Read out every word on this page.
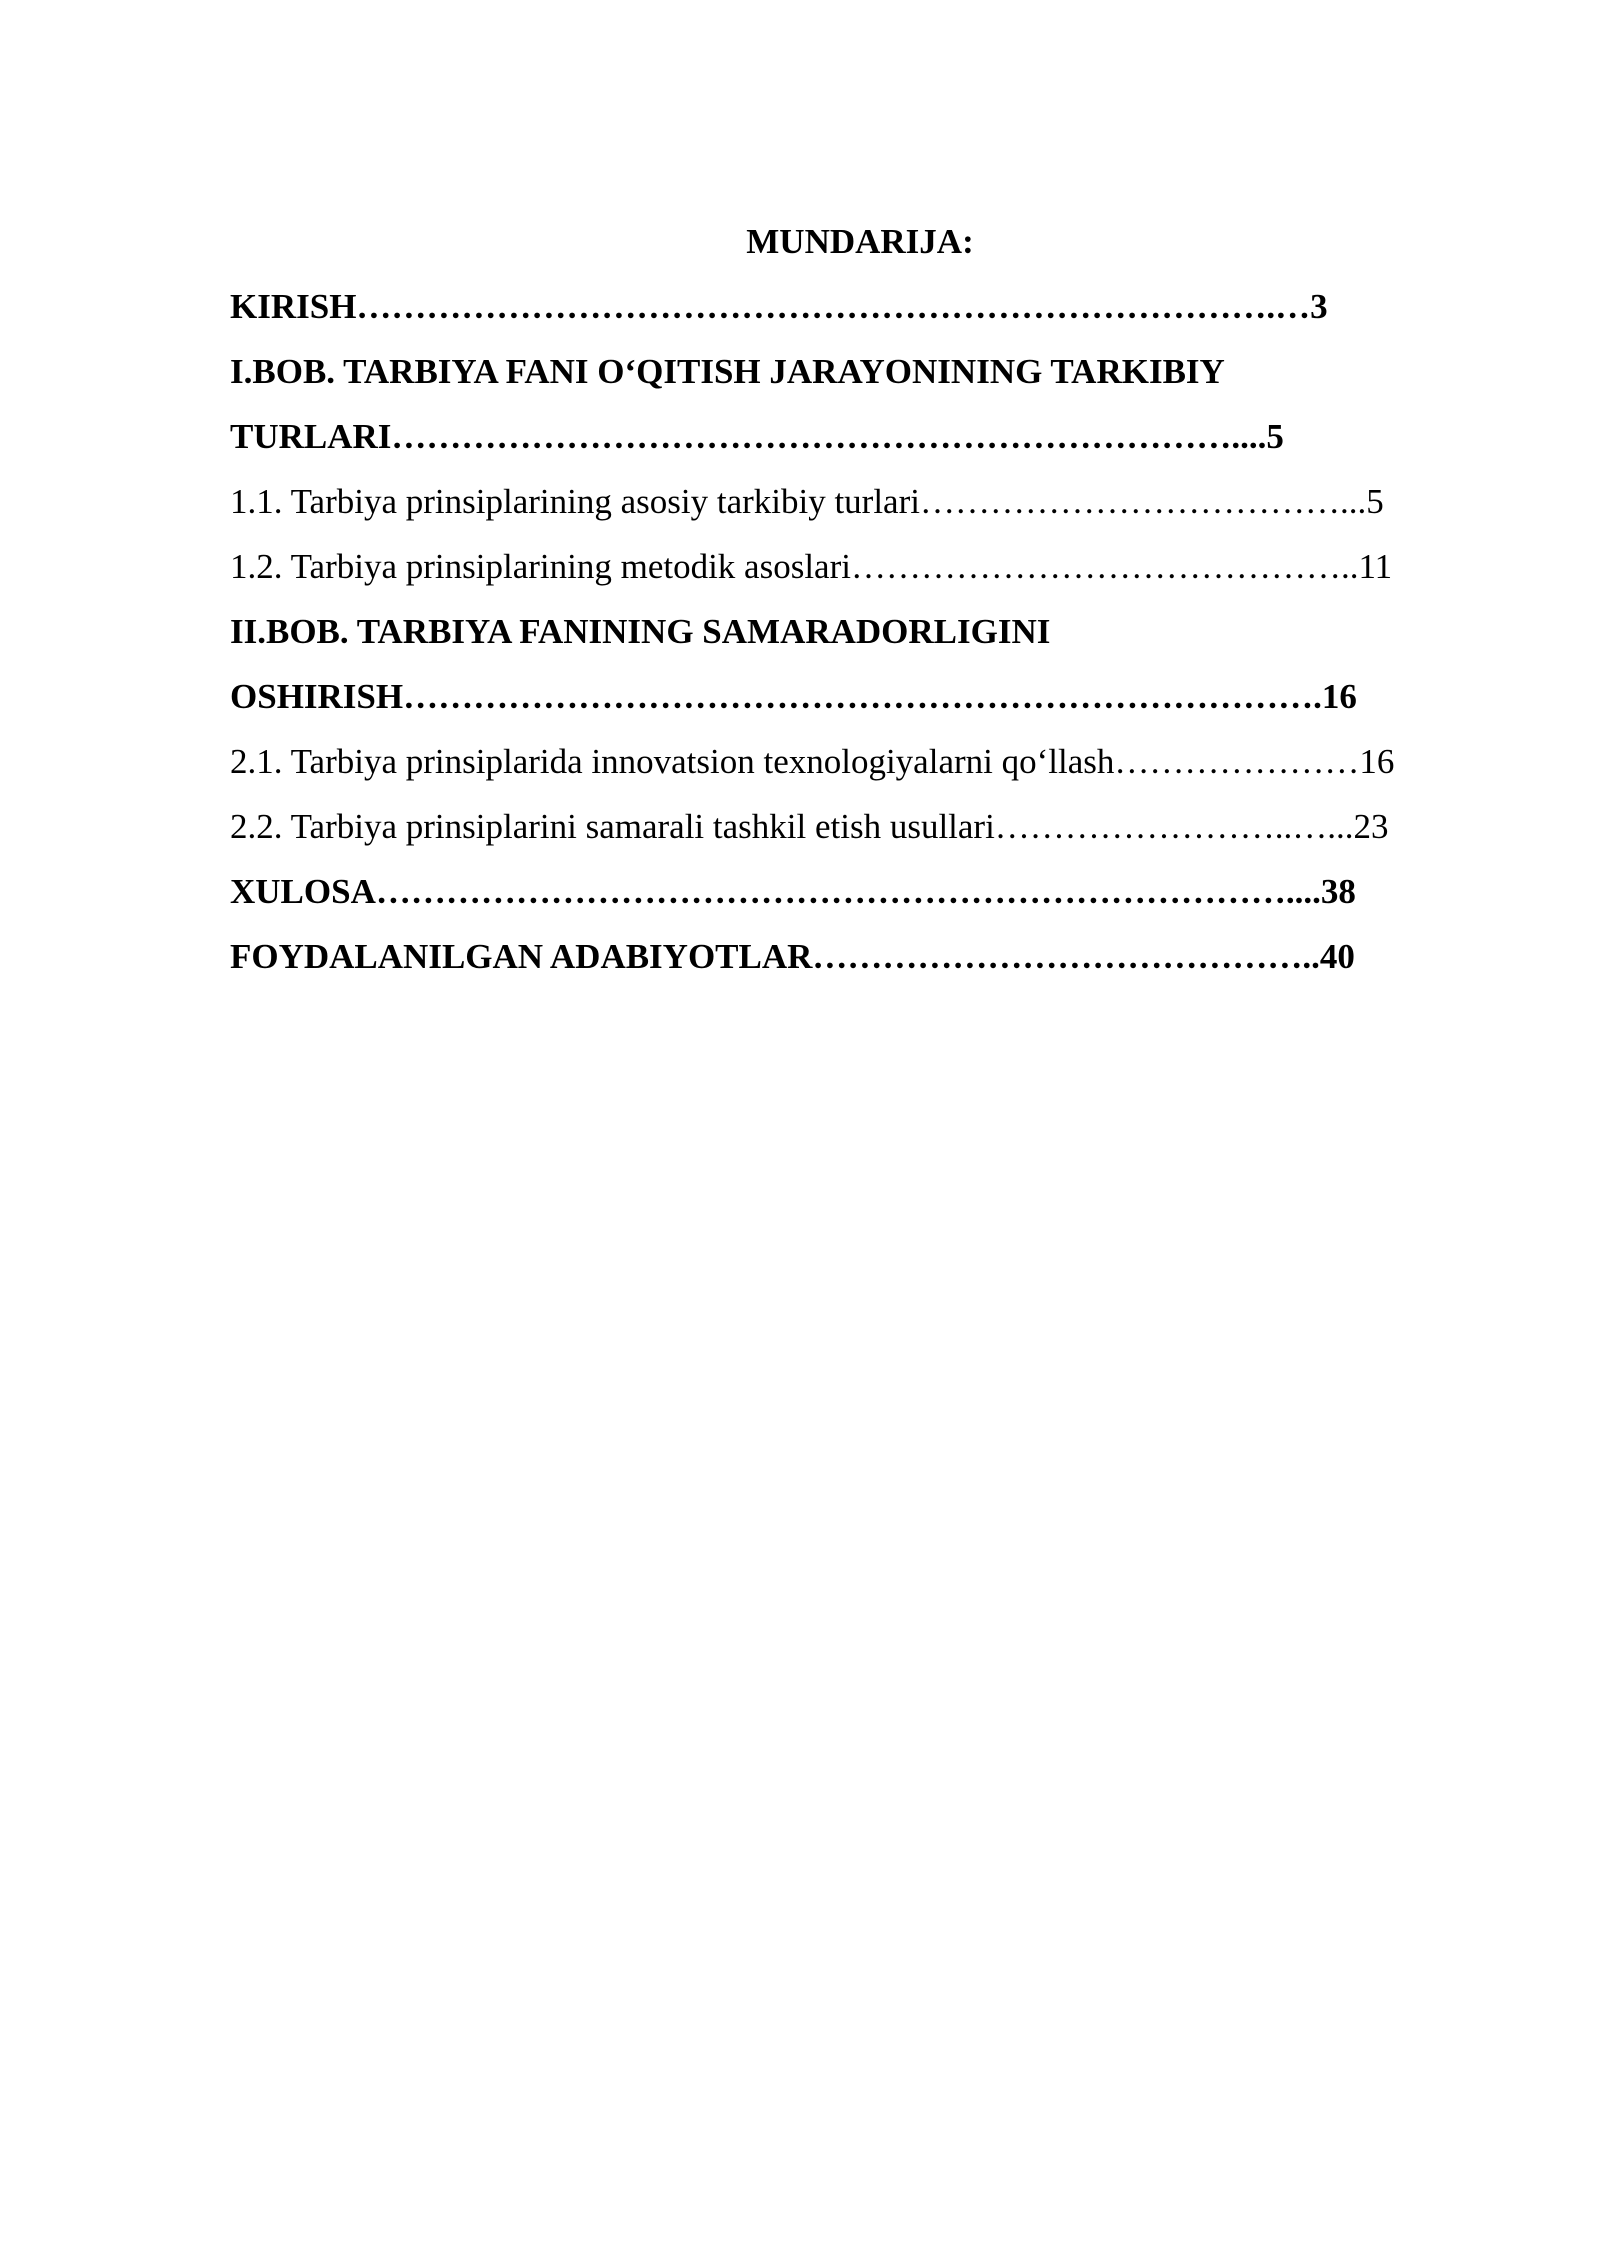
MUNDARIJA:
KIRISH…………………………………………………………………….…3
I.BOB. TARBIYA FANI O‘QITISH JARAYONINING TARKIBIY
TURLARI………………………………………………………………....5
1.1. Tarbiya prinsiplarining asosiy tarkibiy turlari………………………………...5
1.2. Tarbiya prinsiplarining metodik asoslari……………………………………..11
II.BOB. TARBIYA FANINING SAMARADORLIGINI
OSHIRISH…………………………………………………………………….16
2.1. Tarbiya prinsiplarida innovatsion texnologiyalarni qo‘llash…………………16
2.2. Tarbiya prinsiplarini samarali tashkil etish usullari……………………..…...23
XULOSA……………………………………………………………………....38
FOYDALANILGAN ADABIYOTLAR……………………………………..40
